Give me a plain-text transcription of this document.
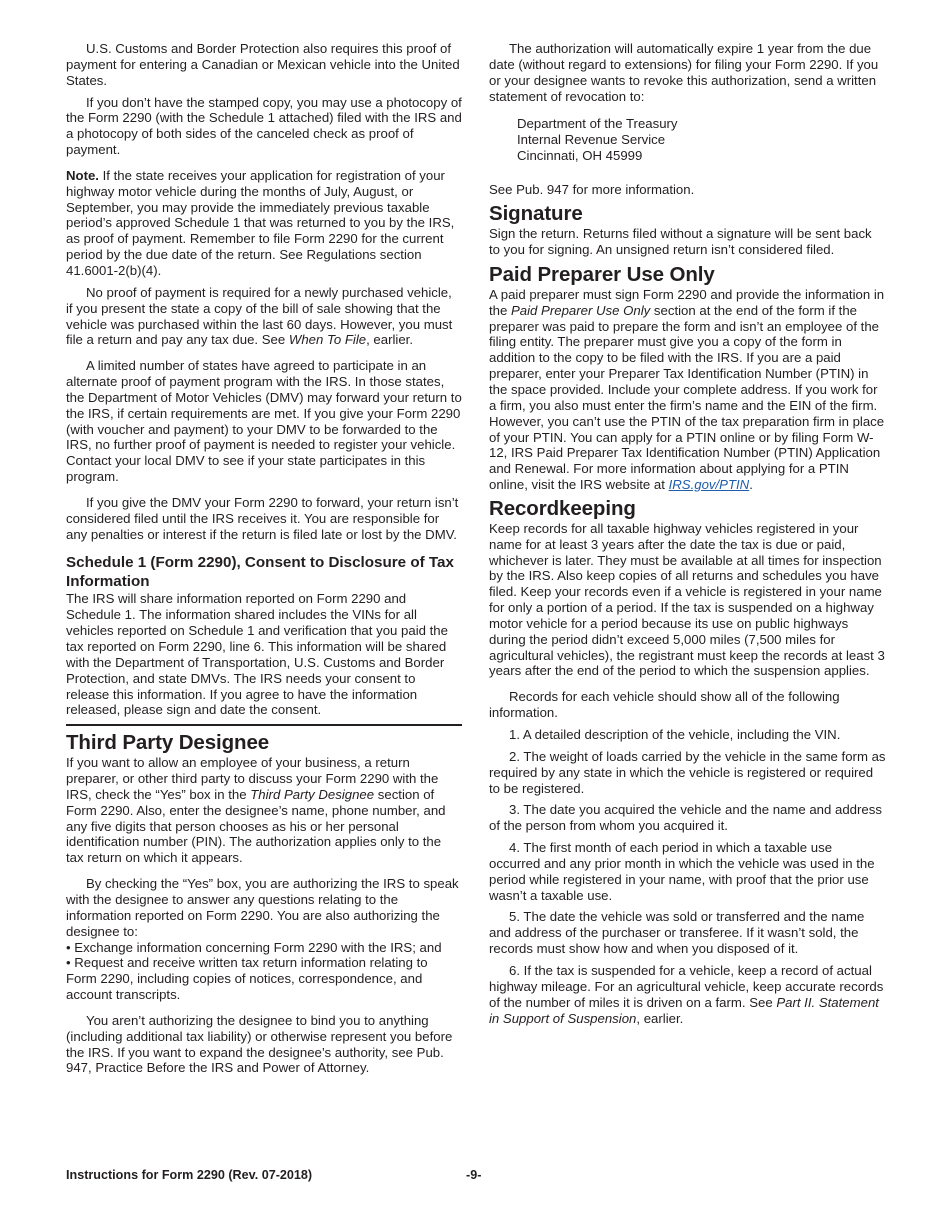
U.S. Customs and Border Protection also requires this proof of payment for entering a Canadian or Mexican vehicle into the United States.

If you don’t have the stamped copy, you may use a photocopy of the Form 2290 (with the Schedule 1 attached) filed with the IRS and a photocopy of both sides of the canceled check as proof of payment.

Note. If the state receives your application for registration of your highway motor vehicle during the months of July, August, or September, you may provide the immediately previous taxable period’s approved Schedule 1 that was returned to you by the IRS, as proof of payment. Remember to file Form 2290 for the current period by the due date of the return. See Regulations section 41.6001-2(b)(4).

No proof of payment is required for a newly purchased vehicle, if you present the state a copy of the bill of sale showing that the vehicle was purchased within the last 60 days. However, you must file a return and pay any tax due. See When To File, earlier.

A limited number of states have agreed to participate in an alternate proof of payment program with the IRS. In those states, the Department of Motor Vehicles (DMV) may forward your return to the IRS, if certain requirements are met. If you give your Form 2290 (with voucher and payment) to your DMV to be forwarded to the IRS, no further proof of payment is needed to register your vehicle. Contact your local DMV to see if your state participates in this program.

If you give the DMV your Form 2290 to forward, your return isn’t considered filed until the IRS receives it. You are responsible for any penalties or interest if the return is filed late or lost by the DMV.

Schedule 1 (Form 2290), Consent to Disclosure of Tax Information

The IRS will share information reported on Form 2290 and Schedule 1. The information shared includes the VINs for all vehicles reported on Schedule 1 and verification that you paid the tax reported on Form 2290, line 6. This information will be shared with the Department of Transportation, U.S. Customs and Border Protection, and state DMVs. The IRS needs your consent to release this information. If you agree to have the information released, please sign and date the consent.

Third Party Designee

If you want to allow an employee of your business, a return preparer, or other third party to discuss your Form 2290 with the IRS, check the “Yes” box in the Third Party Designee section of Form 2290. Also, enter the designee’s name, phone number, and any five digits that person chooses as his or her personal identification number (PIN). The authorization applies only to the tax return on which it appears.

By checking the “Yes” box, you are authorizing the IRS to speak with the designee to answer any questions relating to the information reported on Form 2290. You are also authorizing the designee to:

• Exchange information concerning Form 2290 with the IRS; and

• Request and receive written tax return information relating to Form 2290, including copies of notices, correspondence, and account transcripts.

You aren’t authorizing the designee to bind you to anything (including additional tax liability) or otherwise represent you before the IRS. If you want to expand the designee’s authority, see Pub. 947, Practice Before the IRS and Power of Attorney.

The authorization will automatically expire 1 year from the due date (without regard to extensions) for filing your Form 2290. If you or your designee wants to revoke this authorization, send a written statement of revocation to:

Department of the Treasury

Internal Revenue Service

Cincinnati, OH 45999

See Pub. 947 for more information.

Signature

Sign the return. Returns filed without a signature will be sent back to you for signing. An unsigned return isn’t considered filed.

Paid Preparer Use Only

A paid preparer must sign Form 2290 and provide the information in the Paid Preparer Use Only section at the end of the form if the preparer was paid to prepare the form and isn’t an employee of the filing entity. The preparer must give you a copy of the form in addition to the copy to be filed with the IRS. If you are a paid preparer, enter your Preparer Tax Identification Number (PTIN) in the space provided. Include your complete address. If you work for a firm, you also must enter the firm’s name and the EIN of the firm. However, you can’t use the PTIN of the tax preparation firm in place of your PTIN. You can apply for a PTIN online or by filing Form W-12, IRS Paid Preparer Tax Identification Number (PTIN) Application and Renewal. For more information about applying for a PTIN online, visit the IRS website at IRS.gov/PTIN.

Recordkeeping

Keep records for all taxable highway vehicles registered in your name for at least 3 years after the date the tax is due or paid, whichever is later. They must be available at all times for inspection by the IRS. Also keep copies of all returns and schedules you have filed. Keep your records even if a vehicle is registered in your name for only a portion of a period. If the tax is suspended on a highway motor vehicle for a period because its use on public highways during the period didn’t exceed 5,000 miles (7,500 miles for agricultural vehicles), the registrant must keep the records at least 3 years after the end of the period to which the suspension applies.

Records for each vehicle should show all of the following information.

1. A detailed description of the vehicle, including the VIN.

2. The weight of loads carried by the vehicle in the same form as required by any state in which the vehicle is registered or required to be registered.

3. The date you acquired the vehicle and the name and address of the person from whom you acquired it.

4. The first month of each period in which a taxable use occurred and any prior month in which the vehicle was used in the period while registered in your name, with proof that the prior use wasn’t a taxable use.

5. The date the vehicle was sold or transferred and the name and address of the purchaser or transferee. If it wasn’t sold, the records must show how and when you disposed of it.

6. If the tax is suspended for a vehicle, keep a record of actual highway mileage. For an agricultural vehicle, keep accurate records of the number of miles it is driven on a farm. See Part II. Statement in Support of Suspension, earlier.

Instructions for Form 2290 (Rev. 07-2018)	-9-
